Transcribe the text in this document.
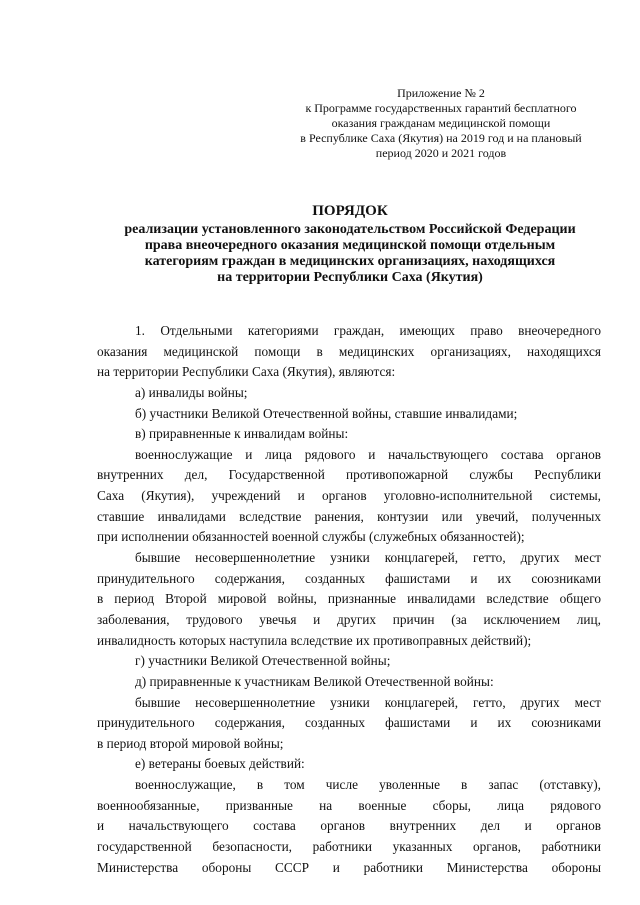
Приложение № 2
к Программе государственных гарантий бесплатного
оказания гражданам медицинской помощи
в Республике Саха (Якутия) на 2019 год и на плановый
период 2020 и 2021 годов
ПОРЯДОК
реализации установленного законодательством Российской Федерации
права внеочередного оказания медицинской помощи отдельным
категориям граждан в медицинских организациях, находящихся
на территории Республики Саха (Якутия)
1. Отдельными категориями граждан, имеющих право внеочередного
оказания медицинской помощи в медицинских организациях, находящихся
на территории Республики Саха (Якутия), являются:
а) инвалиды войны;
б) участники Великой Отечественной войны, ставшие инвалидами;
в) приравненные к инвалидам войны:
военнослужащие и лица рядового и начальствующего состава органов
внутренних дел, Государственной противопожарной службы Республики
Саха (Якутия), учреждений и органов уголовно-исполнительной системы,
ставшие инвалидами вследствие ранения, контузии или увечий, полученных
при исполнении обязанностей военной службы (служебных обязанностей);
бывшие несовершеннолетние узники концлагерей, гетто, других мест
принудительного содержания, созданных фашистами и их союзниками
в период Второй мировой войны, признанные инвалидами вследствие общего
заболевания, трудового увечья и других причин (за исключением лиц,
инвалидность которых наступила вследствие их противоправных действий);
г) участники Великой Отечественной войны;
д) приравненные к участникам Великой Отечественной войны:
бывшие несовершеннолетние узники концлагерей, гетто, других мест
принудительного содержания, созданных фашистами и их союзниками
в период второй мировой войны;
е) ветераны боевых действий:
военнослужащие, в том числе уволенные в запас (отставку),
военнообязанные, призванные на военные сборы, лица рядового
и начальствующего состава органов внутренних дел и органов
государственной безопасности, работники указанных органов, работники
Министерства обороны СССР и работники Министерства обороны
